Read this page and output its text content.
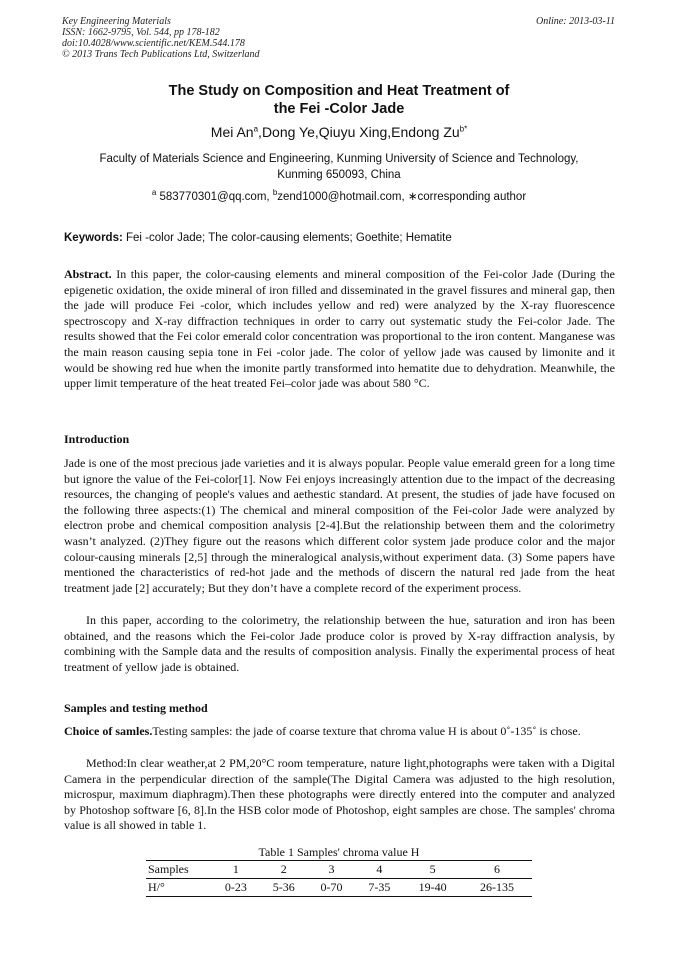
Key Engineering Materials
ISSN: 1662-9795, Vol. 544, pp 178-182
doi:10.4028/www.scientific.net/KEM.544.178
© 2013 Trans Tech Publications Ltd, Switzerland
Online: 2013-03-11
The Study on Composition and Heat Treatment of
the Fei -Color Jade
Mei An$^a$,Dong Ye,Qiuyu Xing,Endong $Zu^{b*}$
Faculty of Materials Science and Engineering, Kunming University of Science and Technology,
Kunming 650093, China
$^a$ 583770301@qq.com, $^b$zend1000@hotmail.com, ∗corresponding author
Keywords: Fei -color Jade; The color-causing elements; Goethite; Hematite
Abstract. In this paper, the color-causing elements and mineral composition of the Fei-color Jade (During the epigenetic oxidation, the oxide mineral of iron filled and disseminated in the gravel fissures and mineral gap, then the jade will produce Fei -color, which includes yellow and red) were analyzed by the X-ray fluorescence spectroscopy and X-ray diffraction techniques in order to carry out systematic study the Fei-color Jade. The results showed that the Fei color emerald color concentration was proportional to the iron content. Manganese was the main reason causing sepia tone in Fei -color jade. The color of yellow jade was caused by limonite and it would be showing red hue when the imonite partly transformed into hematite due to dehydration. Meanwhile, the upper limit temperature of the heat treated Fei–color jade was about 580 °C.
Introduction
Jade is one of the most precious jade varieties and it is always popular. People value emerald green for a long time but ignore the value of the Fei-color[1]. Now Fei enjoys increasingly attention due to the impact of the decreasing resources, the changing of people's values and aethestic standard. At present, the studies of jade have focused on the following three aspects:(1) The chemical and mineral composition of the Fei-color Jade were analyzed by electron probe and chemical composition analysis [2-4].But the relationship between them and the colorimetry wasn’t analyzed. (2)They figure out the reasons which different color system jade produce color and the major colour-causing minerals [2,5] through the mineralogical analysis,without experiment data. (3) Some papers have mentioned the characteristics of red-hot jade and the methods of discern the natural red jade from the heat treatment jade [2] accurately; But they don’t have a complete record of the experiment process.
In this paper, according to the colorimetry, the relationship between the hue, saturation and iron has been obtained, and the reasons which the Fei-color Jade produce color is proved by X-ray diffraction analysis, by combining with the Sample data and the results of composition analysis. Finally the experimental process of heat treatment of yellow jade is obtained.
Samples and testing method
Choice of samles.Testing samples: the jade of coarse texture that chroma value H is about 0˚-135˚ is chose.
Method:In clear weather,at 2 PM,20°C room temperature, nature light,photographs were taken with a Digital Camera in the perpendicular direction of the sample(The Digital Camera was adjusted to the high resolution, microspur, maximum diaphragm).Then these photographs were directly entered into the computer and analyzed by Photoshop software [6, 8].In the HSB color mode of Photoshop, eight samples are chose. The samples' chroma value is all showed in table 1.
Table 1 Samples' chroma value H
Samples	1	2	3	4	5	6
H/°	0-23	5-36	0-70	7-35	19-40	26-135
